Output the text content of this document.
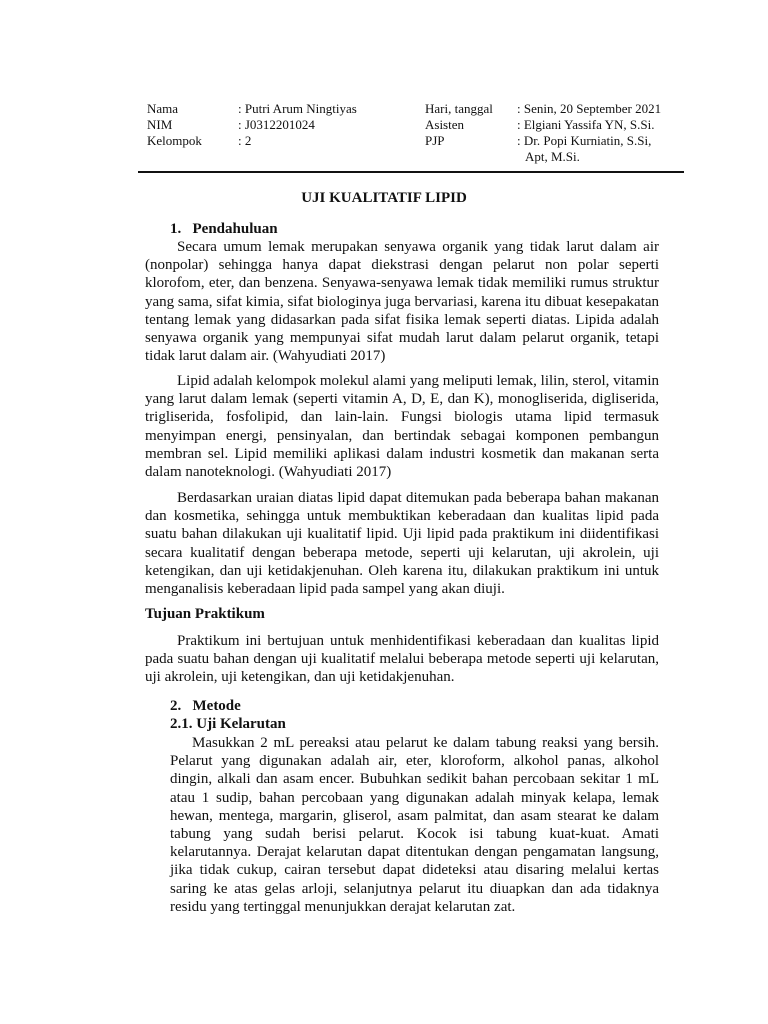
Nama
NIM
Kelompok
: Putri Arum Ningtiyas
: J0312201024
: 2
Hari, tanggal
Asisten
PJP
: Senin, 20 September 2021
: Elgiani Yassifa YN, S.Si.
: Dr. Popi Kurniatin, S.Si,
Apt, M.Si.
UJI KUALITATIF LIPID
1.   Pendahuluan

Secara umum lemak merupakan senyawa organik yang tidak larut dalam air (nonpolar) sehingga hanya dapat diekstrasi dengan pelarut non polar seperti klorofom, eter, dan benzena. Senyawa-senyawa lemak tidak memiliki rumus struktur yang sama, sifat kimia, sifat biologinya juga bervariasi, karena itu dibuat kesepakatan tentang lemak yang didasarkan pada sifat fisika lemak seperti diatas. Lipida adalah senyawa organik yang mempunyai sifat mudah larut dalam pelarut organik, tetapi tidak larut dalam air. (Wahyudiati 2017)

Lipid adalah kelompok molekul alami yang meliputi lemak, lilin, sterol, vitamin yang larut dalam lemak (seperti vitamin A, D, E, dan K), monogliserida, digliserida, trigliserida, fosfolipid, dan lain-lain. Fungsi biologis utama lipid termasuk menyimpan energi, pensinyalan, dan bertindak sebagai komponen pembangun membran sel. Lipid memiliki aplikasi dalam industri kosmetik dan makanan serta dalam nanoteknologi. (Wahyudiati 2017)

Berdasarkan uraian diatas lipid dapat ditemukan pada beberapa bahan makanan dan kosmetika, sehingga untuk membuktikan keberadaan dan kualitas lipid pada suatu bahan dilakukan uji kualitatif lipid. Uji lipid pada praktikum ini diidentifikasi secara kualitatif dengan beberapa metode, seperti uji kelarutan, uji akrolein, uji ketengikan, dan uji ketidakjenuhan. Oleh karena itu, dilakukan praktikum ini untuk menganalisis keberadaan lipid pada sampel yang akan diuji.

Tujuan Praktikum

Praktikum ini bertujuan untuk menhidentifikasi keberadaan dan kualitas lipid pada suatu bahan dengan uji kualitatif melalui beberapa metode seperti uji kelarutan, uji akrolein, uji ketengikan, dan uji ketidakjenuhan.

2.   Metode
2.1. Uji Kelarutan

Masukkan 2 mL pereaksi atau pelarut ke dalam tabung reaksi yang bersih. Pelarut yang digunakan adalah air, eter, kloroform, alkohol panas, alkohol dingin, alkali dan asam encer. Bubuhkan sedikit bahan percobaan sekitar 1 mL atau 1 sudip, bahan percobaan yang digunakan adalah minyak kelapa, lemak hewan, mentega, margarin, gliserol, asam palmitat, dan asam stearat ke dalam tabung yang sudah berisi pelarut. Kocok isi tabung kuat-kuat. Amati kelarutannya. Derajat kelarutan dapat ditentukan dengan pengamatan langsung, jika tidak cukup, cairan tersebut dapat dideteksi atau disaring melalui kertas saring ke atas gelas arloji, selanjutnya pelarut itu diuapkan dan ada tidaknya residu yang tertinggal menunjukkan derajat kelarutan zat.
